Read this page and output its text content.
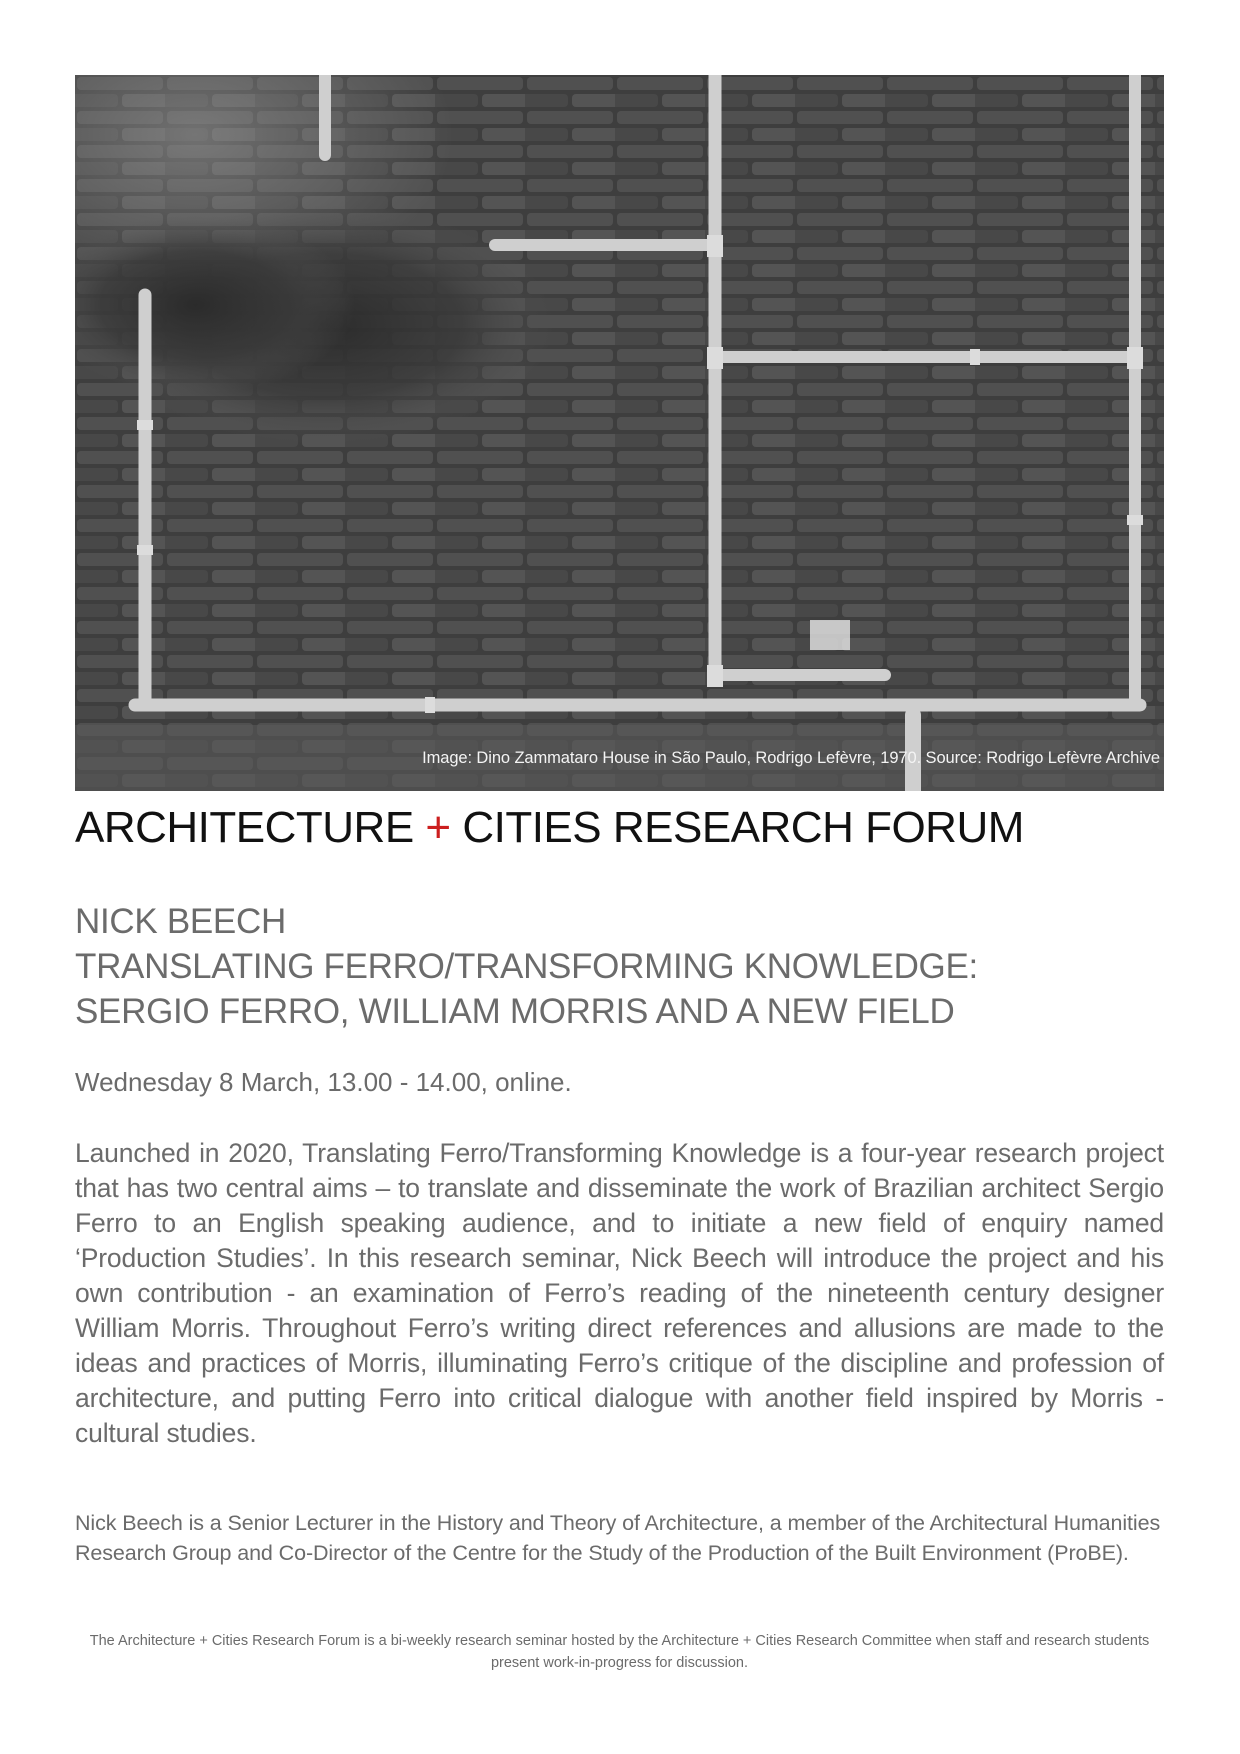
Image: Dino Zammataro House in São Paulo, Rodrigo Lefèvre, 1970. Source: Rodrigo Lefèvre Archive
ARCHITECTURE + CITIES RESEARCH FORUM
NICK BEECH
TRANSLATING FERRO/TRANSFORMING KNOWLEDGE:
SERGIO FERRO, WILLIAM MORRIS AND A NEW FIELD

Wednesday 8 March, 13.00 - 14.00, online.

Launched in 2020, Translating Ferro/Transforming Knowledge is a four-year research project that has two central aims – to translate and disseminate the work of Brazilian architect Sergio Ferro to an English speaking audience, and to initiate a new field of enquiry named ‘Production Studies’. In this research seminar, Nick Beech will introduce the project and his own contribution - an examination of Ferro’s reading of the nineteenth century designer William Morris. Throughout Ferro’s writing direct references and allusions are made to the ideas and practices of Morris, illuminating Ferro’s critique of the discipline and profession of architecture, and putting Ferro into critical dialogue with another field inspired by Morris - cultural studies.

Nick Beech is a Senior Lecturer in the History and Theory of Architecture, a member of the Architectural Humanities Research Group and Co-Director of the Centre for the Study of the Production of the Built Environment (ProBE).

The Architecture + Cities Research Forum is a bi-weekly research seminar hosted by the Architecture + Cities Research Committee when staff and research students present work-in-progress for discussion.
